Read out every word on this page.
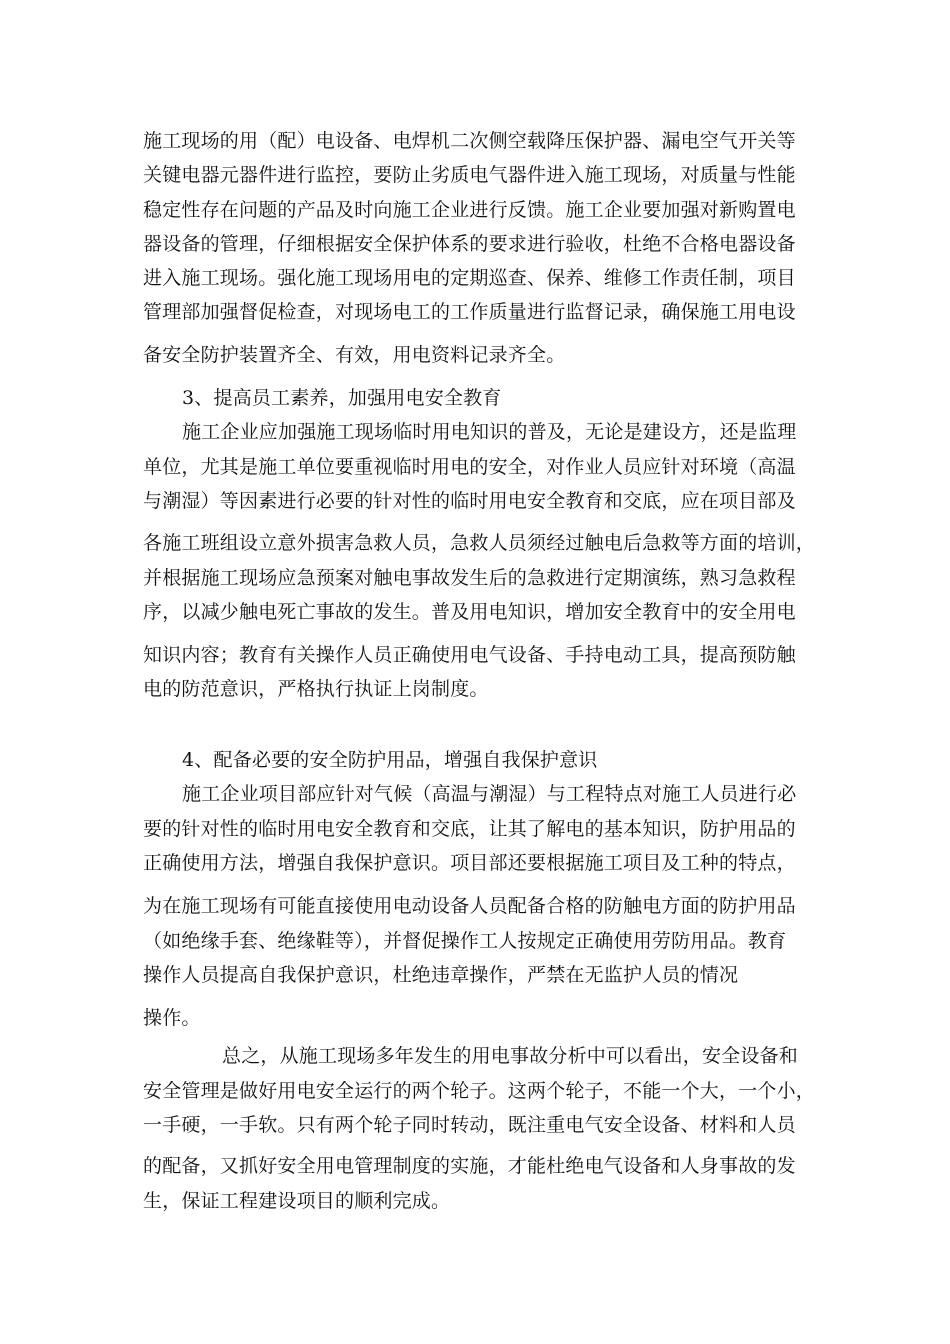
施工现场的用（配）电设备、电焊机二次侧空载降压保护器、漏电空气开关等

关键电器元器件进行监控，要防止劣质电气器件进入施工现场，对质量与性能

稳定性存在问题的产品及时向施工企业进行反馈。施工企业要加强对新购置电

器设备的管理，仔细根据安全保护体系的要求进行验收，杜绝不合格电器设备

进入施工现场。强化施工现场用电的定期巡查、保养、维修工作责任制，项目

管理部加强督促检查，对现场电工的工作质量进行监督记录，确保施工用电设

备安全防护装置齐全、有效，用电资料记录齐全。

3、提高员工素养，加强用电安全教育

施工企业应加强施工现场临时用电知识的普及，无论是建设方，还是监理

单位，尤其是施工单位要重视临时用电的安全，对作业人员应针对环境（高温

与潮湿）等因素进行必要的针对性的临时用电安全教育和交底，应在项目部及

各施工班组设立意外损害急救人员，急救人员须经过触电后急救等方面的培训，

并根据施工现场应急预案对触电事故发生后的急救进行定期演练，熟习急救程

序，以减少触电死亡事故的发生。普及用电知识，增加安全教育中的安全用电

知识内容；教育有关操作人员正确使用电气设备、手持电动工具，提高预防触

电的防范意识，严格执行执证上岗制度。

4、配备必要的安全防护用品，增强自我保护意识

施工企业项目部应针对气候（高温与潮湿）与工程特点对施工人员进行必

要的针对性的临时用电安全教育和交底，让其了解电的基本知识，防护用品的

正确使用方法，增强自我保护意识。项目部还要根据施工项目及工种的特点，

为在施工现场有可能直接使用电动设备人员配备合格的防触电方面的防护用品

（如绝缘手套、绝缘鞋等），并督促操作工人按规定正确使用劳防用品。教育

操作人员提高自我保护意识，杜绝违章操作，严禁在无监护人员的情况

操作。

总之，从施工现场多年发生的用电事故分析中可以看出，安全设备和

安全管理是做好用电安全运行的两个轮子。这两个轮子，不能一个大，一个小，

一手硬，一手软。只有两个轮子同时转动，既注重电气安全设备、材料和人员

的配备，又抓好安全用电管理制度的实施，才能杜绝电气设备和人身事故的发

生，保证工程建设项目的顺利完成。
